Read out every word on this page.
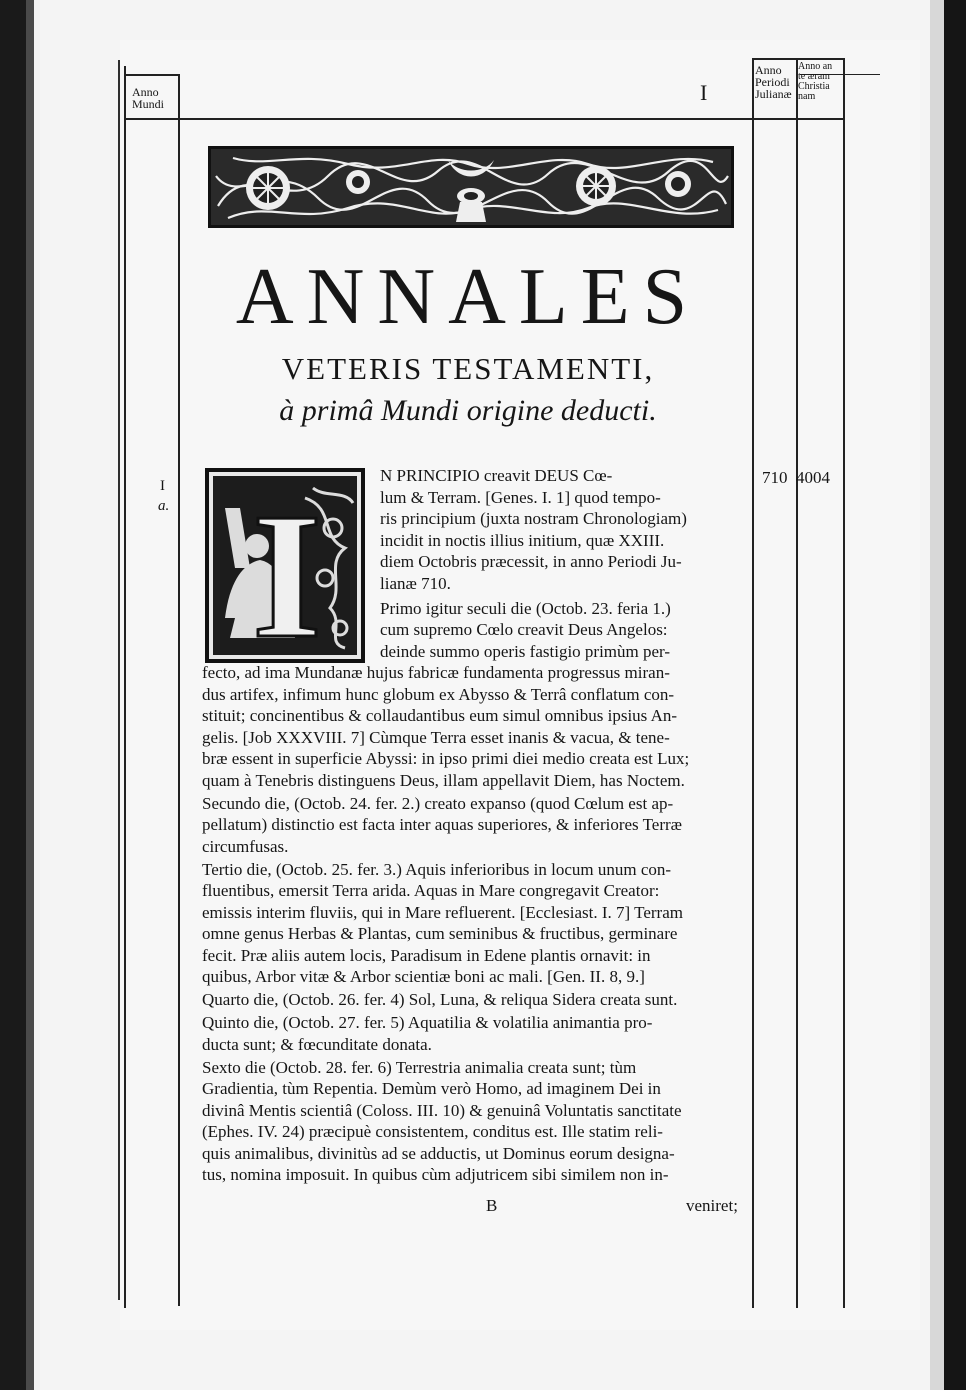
Anno
Mundi
Anno
Periodi
Julianæ
Anno an
te æram
Christia
nam
I
ANNALES
VETERIS TESTAMENTI,
à primâ Mundi origine deducti.
I
a.
710 4004
I
N PRINCIPIO creavit DEUS Cœ-
lum & Terram. [Genes. I. 1] quod tempo-
ris principium (juxta nostram Chronologiam)
incidit in noctis illius initium, quæ XXIII.
diem Octobris præcessit, in anno Periodi Ju-
lianæ 710.
Primo igitur seculi die (Octob. 23. feria 1.)
cum supremo Cœlo creavit Deus Angelos:
deinde summo operis fastigio primùm per-
fecto, ad ima Mundanæ hujus fabricæ fundamenta progressus miran-
dus artifex, infimum hunc globum ex Abysso & Terrâ conflatum con-
stituit; concinentibus & collaudantibus eum simul omnibus ipsius An-
gelis. [Job XXXVIII. 7] Cùmque Terra esset inanis & vacua, & tene-
bræ essent in superficie Abyssi: in ipso primi diei medio creata est Lux;
quam à Tenebris distinguens Deus, illam appellavit Diem, has Noctem.
Secundo die, (Octob. 24. fer. 2.) creato expanso (quod Cœlum est ap-
pellatum) distinctio est facta inter aquas superiores, & inferiores Terræ
circumfusas.
Tertio die, (Octob. 25. fer. 3.) Aquis inferioribus in locum unum con-
fluentibus, emersit Terra arida. Aquas in Mare congregavit Creator:
emissis interim fluviis, qui in Mare refluerent. [Ecclesiast. I. 7] Terram
omne genus Herbas & Plantas, cum seminibus & fructibus, germinare
fecit. Præ aliis autem locis, Paradisum in Edene plantis ornavit: in
quibus, Arbor vitæ & Arbor scientiæ boni ac mali. [Gen. II. 8, 9.]
Quarto die, (Octob. 26. fer. 4) Sol, Luna, & reliqua Sidera creata sunt.
Quinto die, (Octob. 27. fer. 5) Aquatilia & volatilia animantia pro-
ducta sunt; & fœcunditate donata.
Sexto die (Octob. 28. fer. 6) Terrestria animalia creata sunt; tùm
Gradientia, tùm Repentia. Demùm verò Homo, ad imaginem Dei in
divinâ Mentis scientiâ (Coloss. III. 10) & genuinâ Voluntatis sanctitate
(Ephes. IV. 24) præcipuè consistentem, conditus est. Ille statim reli-
quis animalibus, divinitùs ad se adductis, ut Dominus eorum designa-
tus, nomina imposuit. In quibus cùm adjutricem sibi similem non in-
B	veniret;
